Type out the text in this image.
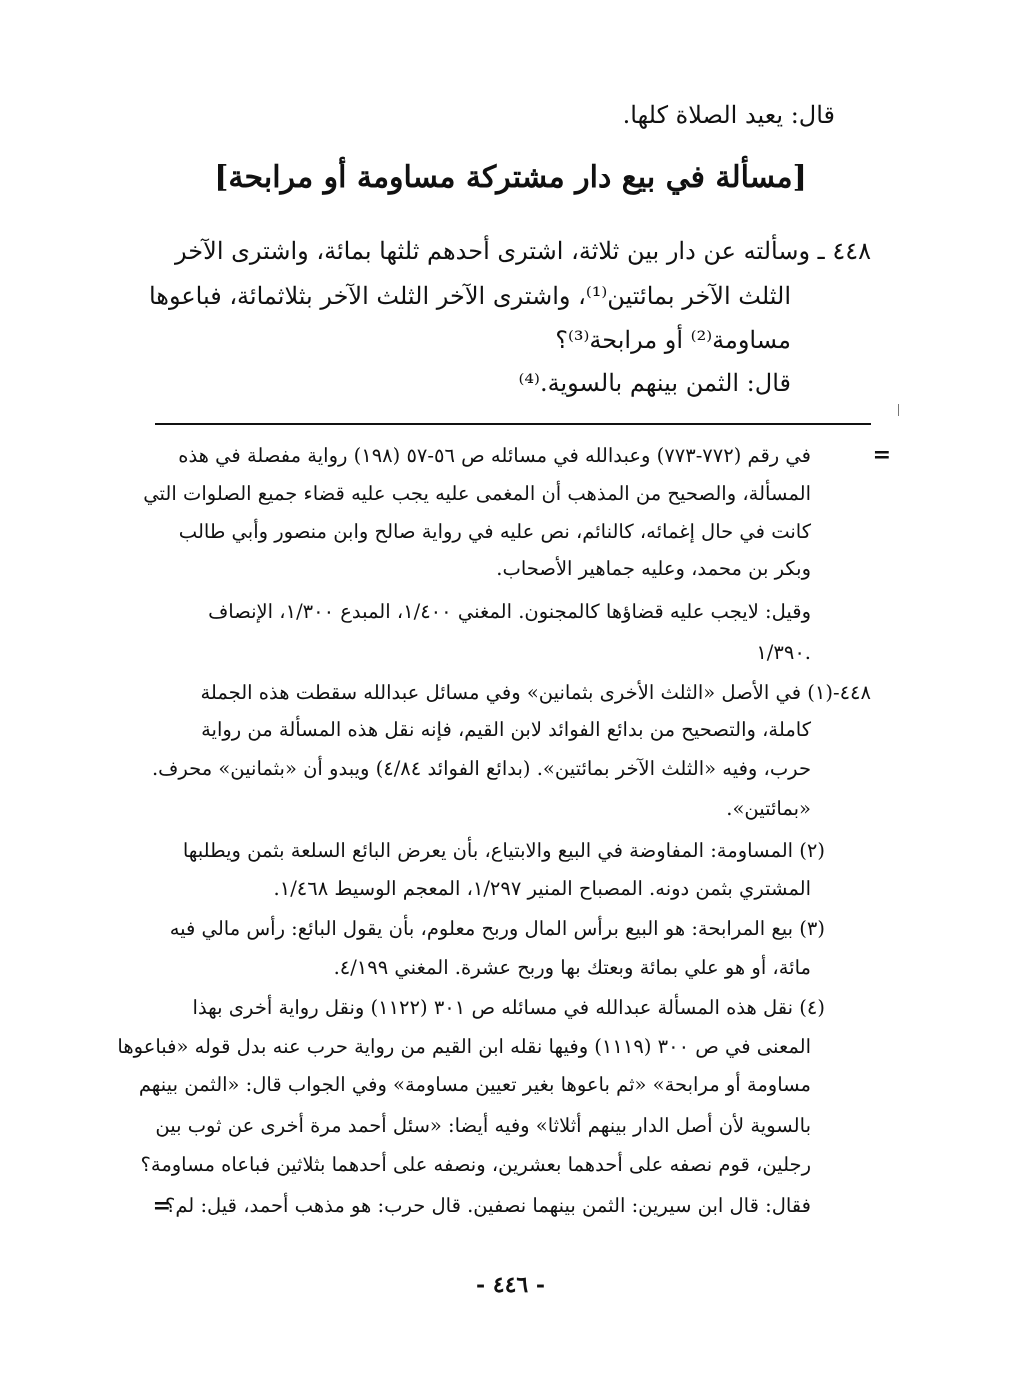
قال: يعيد الصلاة كلها.
[مسألة في بيع دار مشتركة مساومة أو مرابحة]
٤٤٨ ـ وسألته عن دار بين ثلاثة، اشترى أحدهم ثلثها بمائة، واشترى الآخر
الثلث الآخر بمائتين⁽¹⁾، واشترى الآخر الثلث الآخر بثلاثمائة، فباعوها
مساومة⁽²⁾ أو مرابحة⁽³⁾؟
قال: الثمن بينهم بالسوية.⁽⁴⁾
=
في رقم (٧٧٢-٧٧٣) وعبدالله في مسائله ص ٥٦-٥٧ (١٩٨) رواية مفصلة في هذه
المسألة، والصحيح من المذهب أن المغمى عليه يجب عليه قضاء جميع الصلوات التي
كانت في حال إغمائه، كالنائم، نص عليه في رواية صالح وابن منصور وأبي طالب
وبكر بن محمد، وعليه جماهير الأصحاب.
وقيل: لايجب عليه قضاؤها كالمجنون. المغني ١/٤٠٠، المبدع ١/٣٠٠، الإنصاف
١/٣٩٠.
٤٤٨-(١) في الأصل «الثلث الأخرى بثمانين» وفي مسائل عبدالله سقطت هذه الجملة
كاملة، والتصحيح من بدائع الفوائد لابن القيم، فإنه نقل هذه المسألة من رواية
حرب، وفيه «الثلث الآخر بمائتين». (بدائع الفوائد ٤/٨٤) ويبدو أن «بثمانين» محرف.
«بمائتين».
(٢) المساومة: المفاوضة في البيع والابتياع، بأن يعرض البائع السلعة بثمن ويطلبها
المشتري بثمن دونه. المصباح المنير ١/٢٩٧، المعجم الوسيط ١/٤٦٨.
(٣) بيع المرابحة: هو البيع برأس المال وربح معلوم، بأن يقول البائع: رأس مالي فيه
مائة، أو هو علي بمائة وبعتك بها وربح عشرة. المغني ٤/١٩٩.
(٤) نقل هذه المسألة عبدالله في مسائله ص ٣٠١ (١١٢٢) ونقل رواية أخرى بهذا
المعنى في ص ٣٠٠ (١١١٩) وفيها نقله ابن القيم من رواية حرب عنه بدل قوله «فباعوها
مساومة أو مرابحة» «ثم باعوها بغير تعيين مساومة» وفي الجواب قال: «الثمن بينهم
بالسوية لأن أصل الدار بينهم أثلاثا» وفيه أيضا: «سئل أحمد مرة أخرى عن ثوب بين
رجلين، قوم نصفه على أحدهما بعشرين، ونصفه على أحدهما بثلاثين فباعاه مساومة؟
فقال: قال ابن سيرين: الثمن بينهما نصفين. قال حرب: هو مذهب أحمد، قيل: لم؟
=
- ٤٤٦ -
